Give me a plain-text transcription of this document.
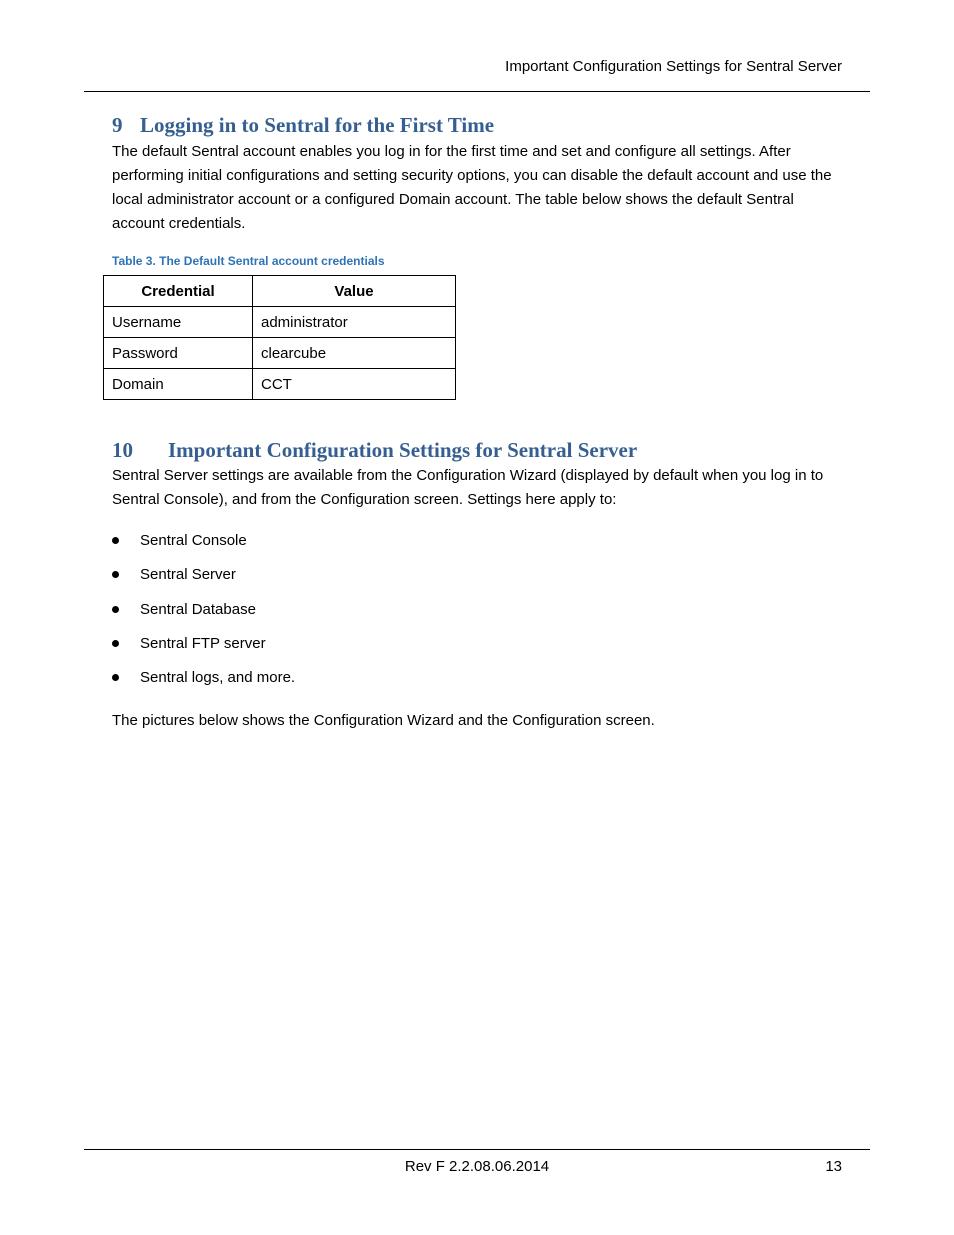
Important Configuration Settings for Sentral Server
9 Logging in to Sentral for the First Time

The default Sentral account enables you log in for the first time and set and configure all settings. After performing initial configurations and setting security options, you can disable the default account and use the local administrator account or a configured Domain account. The table below shows the default Sentral account credentials.

Table 3. The Default Sentral account credentials

Credential	Value
Username	administrator
Password	clearcube
Domain	CCT
10 Important Configuration Settings for Sentral Server

Sentral Server settings are available from the Configuration Wizard (displayed by default when you log in to Sentral Console), and from the Configuration screen. Settings here apply to:

Sentral Console
Sentral Server
Sentral Database
Sentral FTP server
Sentral logs, and more.

The pictures below shows the Configuration Wizard and the Configuration screen.

Rev F 2.2.08.06.2014	13
